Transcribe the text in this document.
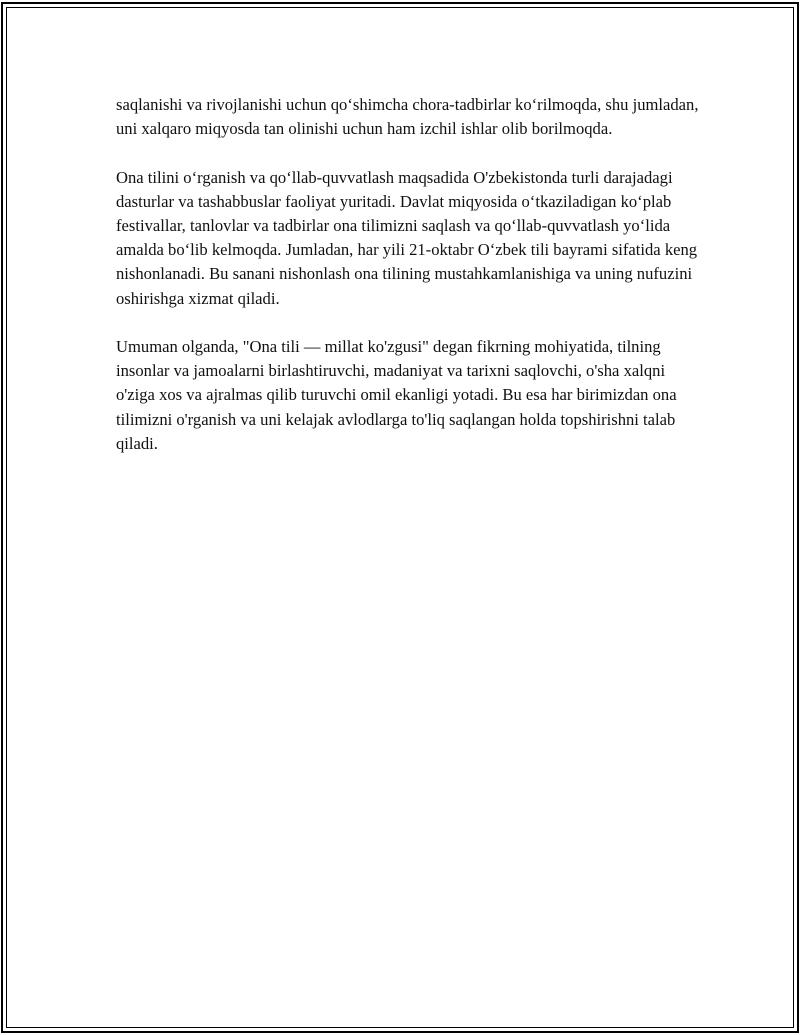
saqlanishi va rivojlanishi uchun qo‘shimcha chora-tadbirlar ko‘rilmoqda, shu jumladan, uni xalqaro miqyosda tan olinishi uchun ham izchil ishlar olib borilmoqda.

Ona tilini o‘rganish va qo‘llab-quvvatlash maqsadida O'zbekistonda turli darajadagi dasturlar va tashabbuslar faoliyat yuritadi. Davlat miqyosida o‘tkaziladigan ko‘plab festivallar, tanlovlar va tadbirlar ona tilimizni saqlash va qo‘llab-quvvatlash yo‘lida amalda bo‘lib kelmoqda. Jumladan, har yili 21-oktabr O‘zbek tili bayrami sifatida keng nishonlanadi. Bu sanani nishonlash ona tilining mustahkamlanishiga va uning nufuzini oshirishga xizmat qiladi.

Umuman olganda, "Ona tili — millat ko'zgusi" degan fikrning mohiyatida, tilning insonlar va jamoalarni birlashtiruvchi, madaniyat va tarixni saqlovchi, o'sha xalqni o'ziga xos va ajralmas qilib turuvchi omil ekanligi yotadi. Bu esa har birimizdan ona tilimizni o'rganish va uni kelajak avlodlarga to'liq saqlangan holda topshirishni talab qiladi.
